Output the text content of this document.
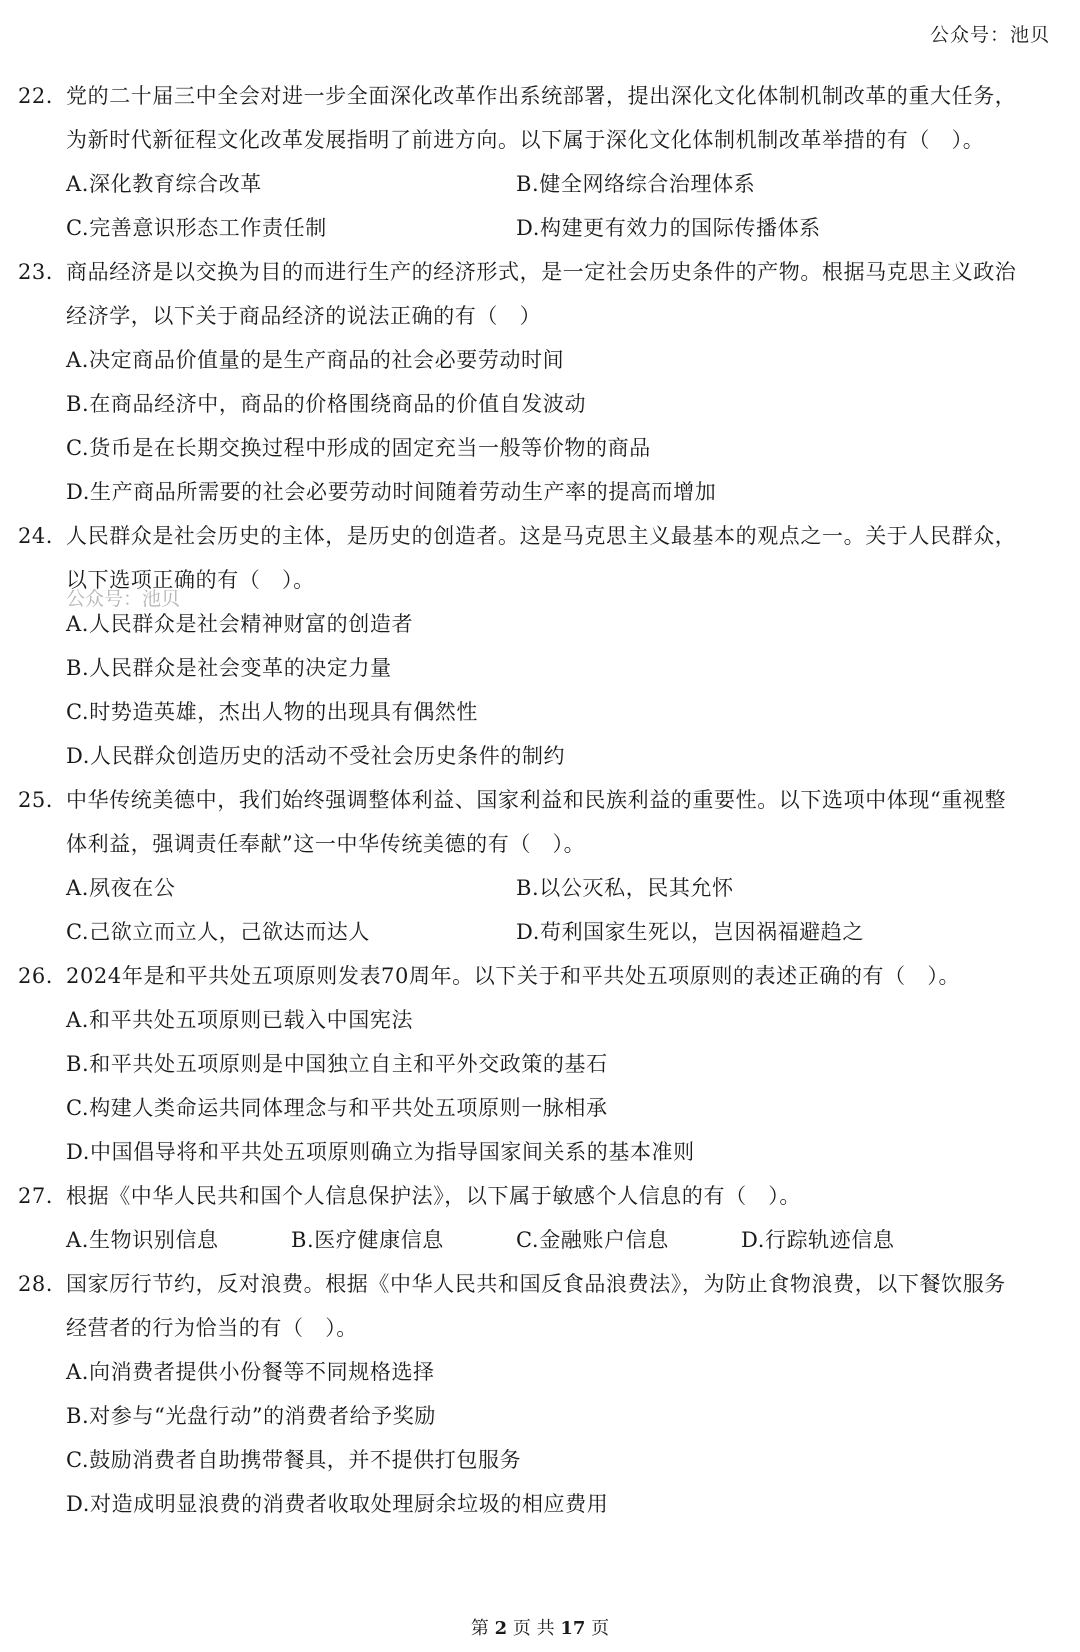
公众号：池贝
22. 党的二十届三中全会对进一步全面深化改革作出系统部署，提出深化文化体制机制改革的重大任务，
为新时代新征程文化改革发展指明了前进方向。以下属于深化文化体制机制改革举措的有（　）。
A.深化教育综合改革	B.健全网络综合治理体系
C.完善意识形态工作责任制	D.构建更有效力的国际传播体系
23. 商品经济是以交换为目的而进行生产的经济形式，是一定社会历史条件的产物。根据马克思主义政治
经济学，以下关于商品经济的说法正确的有（　）
A.决定商品价值量的是生产商品的社会必要劳动时间
B.在商品经济中，商品的价格围绕商品的价值自发波动
C.货币是在长期交换过程中形成的固定充当一般等价物的商品
D.生产商品所需要的社会必要劳动时间随着劳动生产率的提高而增加
24. 人民群众是社会历史的主体，是历史的创造者。这是马克思主义最基本的观点之一。关于人民群众，
以下选项正确的有（　）。
公众号：池贝
A.人民群众是社会精神财富的创造者
B.人民群众是社会变革的决定力量
C.时势造英雄，杰出人物的出现具有偶然性
D.人民群众创造历史的活动不受社会历史条件的制约
25. 中华传统美德中，我们始终强调整体利益、国家利益和民族利益的重要性。以下选项中体现“重视整
体利益，强调责任奉献”这一中华传统美德的有（　）。
A.夙夜在公	B.以公灭私，民其允怀
C.己欲立而立人，己欲达而达人	D.苟利国家生死以，岂因祸福避趋之
26. 2024年是和平共处五项原则发表70周年。以下关于和平共处五项原则的表述正确的有（　）。
A.和平共处五项原则已载入中国宪法
B.和平共处五项原则是中国独立自主和平外交政策的基石
C.构建人类命运共同体理念与和平共处五项原则一脉相承
D.中国倡导将和平共处五项原则确立为指导国家间关系的基本准则
27. 根据《中华人民共和国个人信息保护法》，以下属于敏感个人信息的有（　）。
A.生物识别信息	B.医疗健康信息	C.金融账户信息	D.行踪轨迹信息
28. 国家厉行节约，反对浪费。根据《中华人民共和国反食品浪费法》，为防止食物浪费，以下餐饮服务
经营者的行为恰当的有（　）。
A.向消费者提供小份餐等不同规格选择
B.对参与“光盘行动”的消费者给予奖励
C.鼓励消费者自助携带餐具，并不提供打包服务
D.对造成明显浪费的消费者收取处理厨余垃圾的相应费用
第 2 页 共 17 页
